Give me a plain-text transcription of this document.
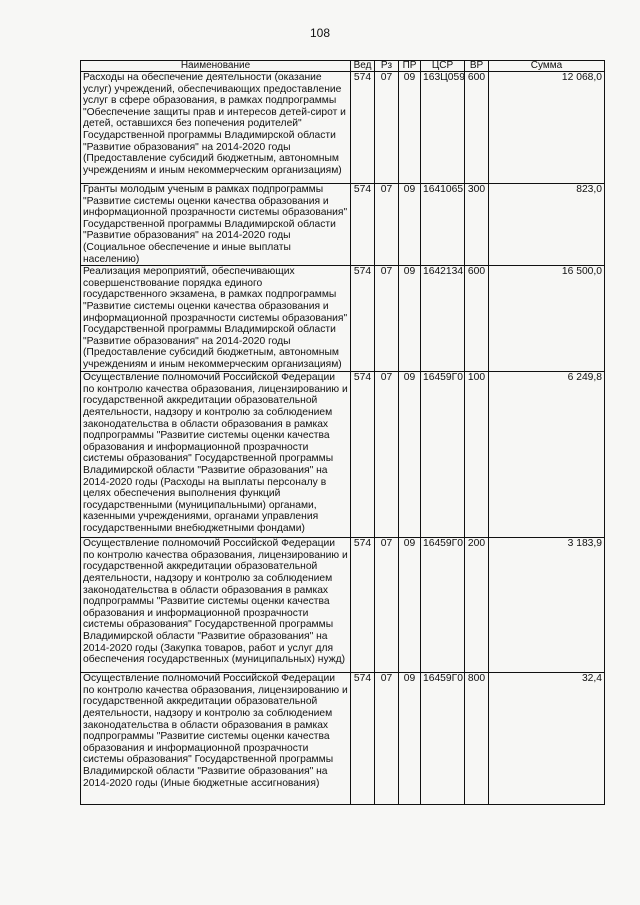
108
Наименование	Вед	Рз	ПР	ЦСР	ВР	Сумма
Расходы на обеспечение деятельности (оказание услуг) учреждений, обеспечивающих предоставление услуг в сфере образования, в рамках подпрограммы "Обеспечение защиты прав и интересов детей-сирот и детей, оставшихся без попечения родителей" Государственной программы Владимирской области "Развитие образования" на 2014-2020 годы (Предоставление субсидий бюджетным, автономным учреждениям и иным некоммерческим организациям)	574	07	09	163Ц059	600	12 068,0
Гранты молодым ученым в рамках подпрограммы "Развитие системы оценки качества образования и информационной прозрачности системы образования" Государственной программы Владимирской области "Развитие образования" на 2014-2020 годы (Социальное обеспечение и иные выплаты населению)	574	07	09	1641065	300	823,0
Реализация мероприятий, обеспечивающих совершенствование порядка единого государственного экзамена, в рамках подпрограммы "Развитие системы оценки качества образования и информационной прозрачности системы образования" Государственной программы Владимирской области "Развитие образования" на 2014-2020 годы (Предоставление субсидий бюджетным, автономным учреждениям и иным некоммерческим организациям)	574	07	09	1642134	600	16 500,0
Осуществление полномочий Российской Федерации по контролю качества образования, лицензированию и государственной аккредитации образовательной деятельности, надзору и контролю за соблюдением законодательства в области образования в рамках подпрограммы "Развитие системы оценки качества образования и информационной прозрачности системы образования" Государственной программы Владимирской области "Развитие образования" на 2014-2020 годы (Расходы на выплаты персоналу в целях обеспечения выполнения функций государственными (муниципальными) органами, казенными учреждениями, органами управления государственными внебюджетными фондами)	574	07	09	16459Г0	100	6 249,8
Осуществление полномочий Российской Федерации по контролю качества образования, лицензированию и государственной аккредитации образовательной деятельности, надзору и контролю за соблюдением законодательства в области образования в рамках подпрограммы "Развитие системы оценки качества образования и информационной прозрачности системы образования" Государственной программы Владимирской области "Развитие образования" на 2014-2020 годы (Закупка товаров, работ и услуг для обеспечения государственных (муниципальных) нужд)	574	07	09	16459Г0	200	3 183,9
Осуществление полномочий Российской Федерации по контролю качества образования, лицензированию и государственной аккредитации образовательной деятельности, надзору и контролю за соблюдением законодательства в области образования в рамках подпрограммы "Развитие системы оценки качества образования и информационной прозрачности системы образования" Государственной программы Владимирской области "Развитие образования" на 2014-2020 годы (Иные бюджетные ассигнования)	574	07	09	16459Г0	800	32,4
